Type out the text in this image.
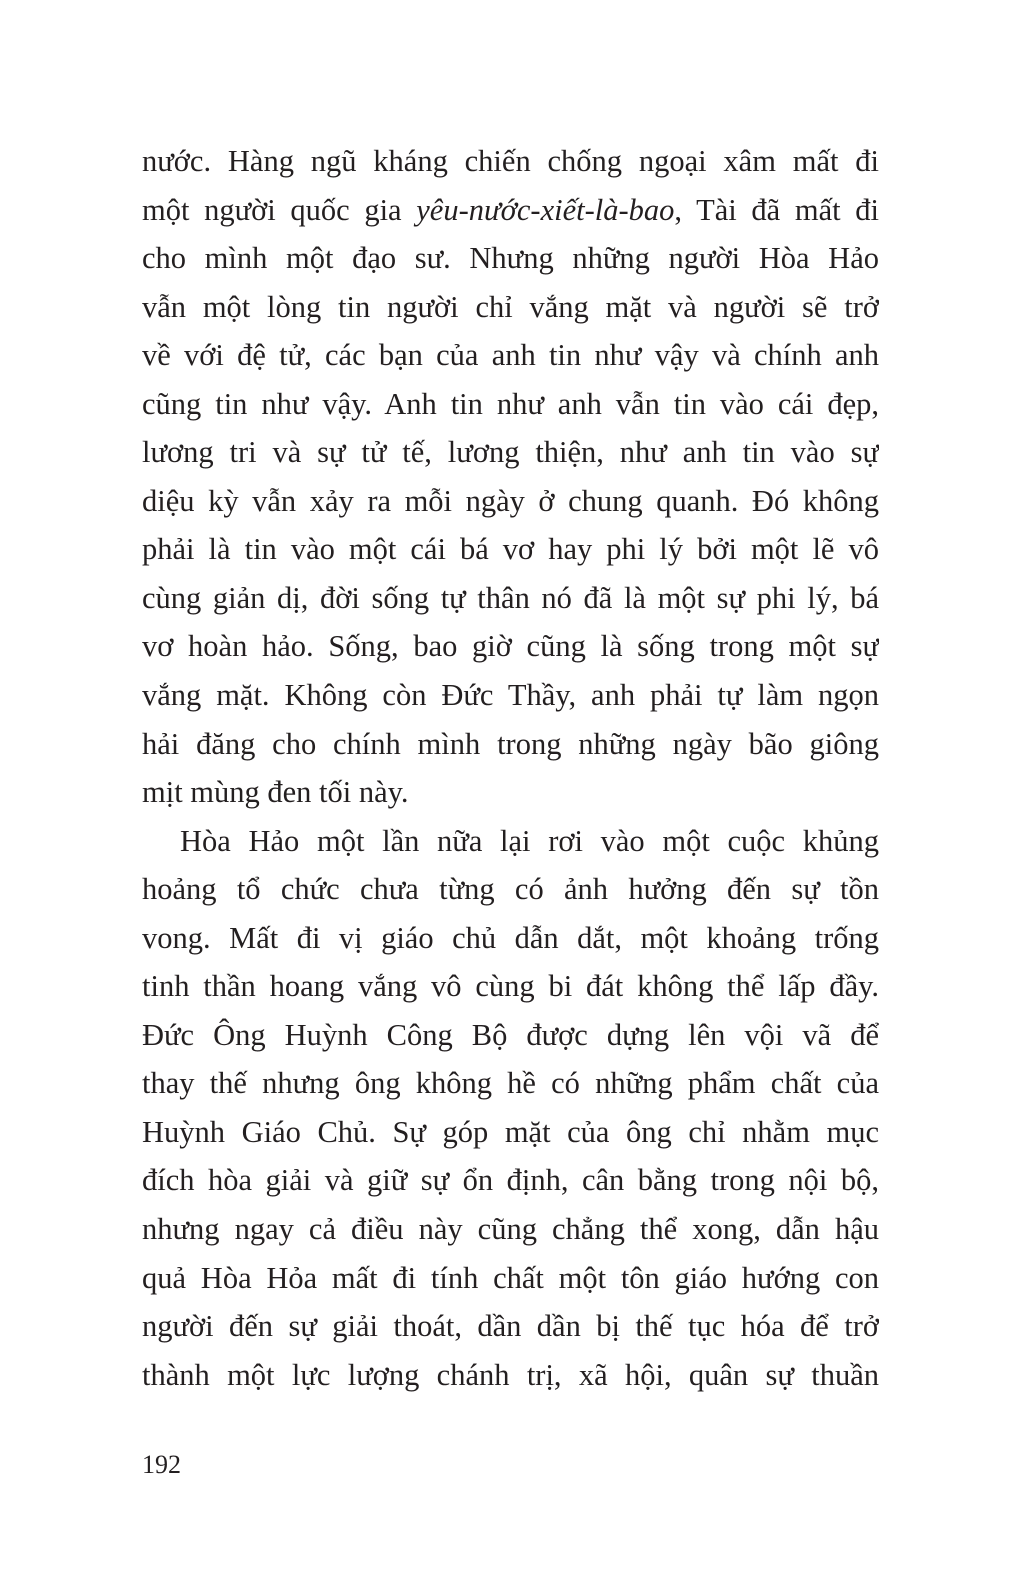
nước. Hàng ngũ kháng chiến chống ngoại xâm mất đi
một người quốc gia yêu-nước-xiết-là-bao, Tài đã mất đi
cho mình một đạo sư. Nhưng những người Hòa Hảo
vẫn một lòng tin người chỉ vắng mặt và người sẽ trở
về với đệ tử, các bạn của anh tin như vậy và chính anh
cũng tin như vậy. Anh tin như anh vẫn tin vào cái đẹp,
lương tri và sự tử tế, lương thiện, như anh tin vào sự
diệu kỳ vẫn xảy ra mỗi ngày ở chung quanh. Đó không
phải là tin vào một cái bá vơ hay phi lý bởi một lẽ vô
cùng giản dị, đời sống tự thân nó đã là một sự phi lý, bá
vơ hoàn hảo. Sống, bao giờ cũng là sống trong một sự
vắng mặt. Không còn Đức Thầy, anh phải tự làm ngọn
hải đăng cho chính mình trong những ngày bão giông
mịt mùng đen tối này.
Hòa Hảo một lần nữa lại rơi vào một cuộc khủng
hoảng tổ chức chưa từng có ảnh hưởng đến sự tồn
vong. Mất đi vị giáo chủ dẫn dắt, một khoảng trống
tinh thần hoang vắng vô cùng bi đát không thể lấp đầy.
Đức Ông Huỳnh Công Bộ được dựng lên vội vã để
thay thế nhưng ông không hề có những phẩm chất của
Huỳnh Giáo Chủ. Sự góp mặt của ông chỉ nhằm mục
đích hòa giải và giữ sự ổn định, cân bằng trong nội bộ,
nhưng ngay cả điều này cũng chẳng thể xong, dẫn hậu
quả Hòa Hỏa mất đi tính chất một tôn giáo hướng con
người đến sự giải thoát, dần dần bị thế tục hóa để trở
thành một lực lượng chánh trị, xã hội, quân sự thuần
192
